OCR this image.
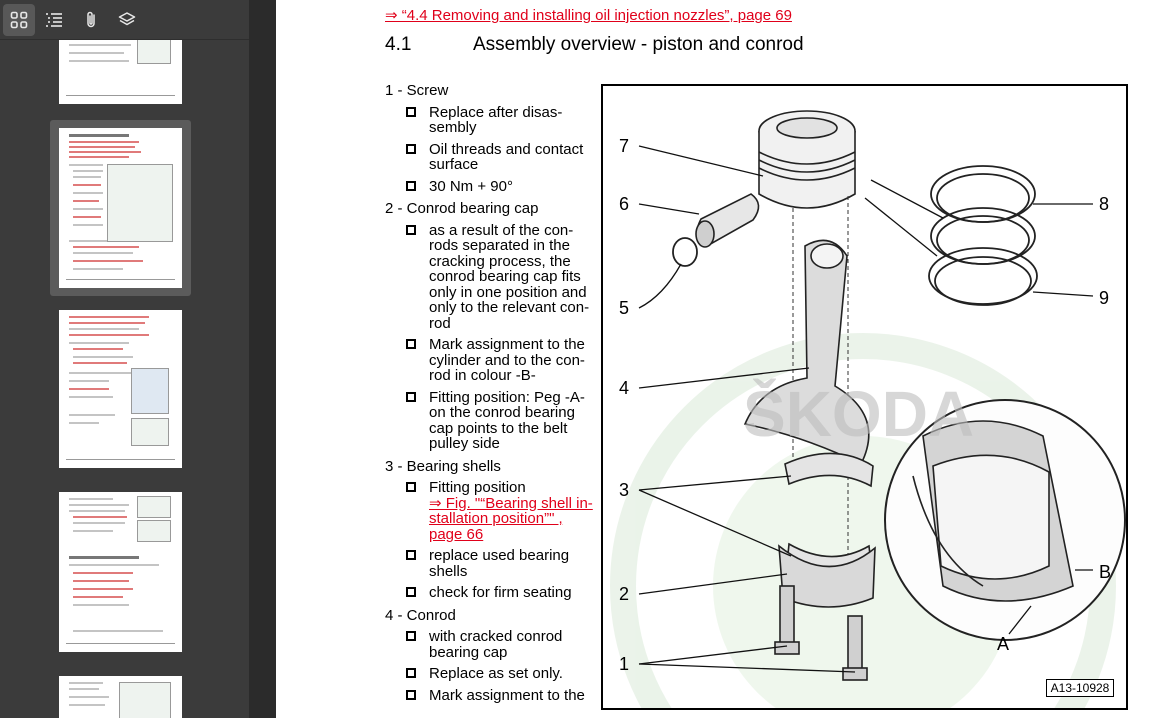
⇒ “4.4 Removing and installing oil injection nozzles”, page 69
4.1	Assembly overview - piston and conrod
1 - Screw
Replace after disas-
sembly
Oil threads and contact
surface
30 Nm + 90°
2 - Conrod bearing cap
as a result of the con-
rods separated in the
cracking process, the
conrod bearing cap fits
only in one position and
only to the relevant con-
rod
Mark assignment to the
cylinder and to the con-
rod in colour -B-
Fitting position: Peg -A-
on the conrod bearing
cap points to the belt
pulley side
3 - Bearing shells
Fitting position
⇒ Fig. "“Bearing shell in-
stallation position”" ,
page 66
replace used bearing
shells
check for firm seating
4 - Conrod
with cracked conrod
bearing cap
Replace as set only.
Mark assignment to the
ŠKODA
7
6
5
4
3
2
1
8
9
B
A
A13-10928
